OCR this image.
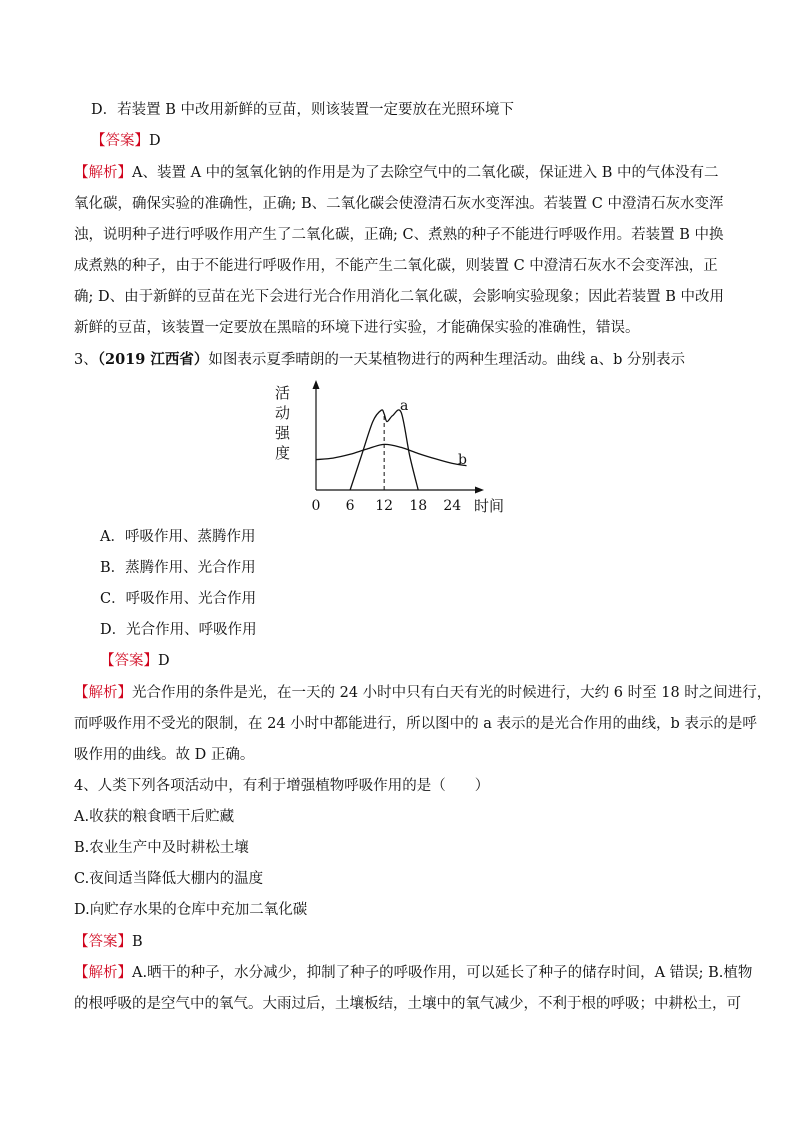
D．若装置 B 中改用新鲜的豆苗，则该装置一定要放在光照环境下
【答案】D
【解析】A、装置 A 中的氢氧化钠的作用是为了去除空气中的二氧化碳，保证进入 B 中的气体没有二
氧化碳，确保实验的准确性，正确; B、二氧化碳会使澄清石灰水变浑浊。若装置 C 中澄清石灰水变浑
浊，说明种子进行呼吸作用产生了二氧化碳，正确; C、煮熟的种子不能进行呼吸作用。若装置 B 中换
成煮熟的种子，由于不能进行呼吸作用，不能产生二氧化碳，则装置 C 中澄清石灰水不会变浑浊，正
确; D、由于新鲜的豆苗在光下会进行光合作用消化二氧化碳，会影响实验现象；因此若装置 B 中改用
新鲜的豆苗，该装置一定要放在黑暗的环境下进行实验，才能确保实验的准确性，错误。
3、（2019 江西省）如图表示夏季晴朗的一天某植物进行的两种生理活动。曲线 a、b 分别表示
活
动
强
度
a
b
0 6 12 18 24 时间
A．呼吸作用、蒸腾作用
B．蒸腾作用、光合作用
C．呼吸作用、光合作用
D．光合作用、呼吸作用
【答案】D
【解析】光合作用的条件是光，在一天的 24 小时中只有白天有光的时候进行，大约 6 时至 18 时之间进行，
而呼吸作用不受光的限制，在 24 小时中都能进行，所以图中的 a 表示的是光合作用的曲线，b 表示的是呼
吸作用的曲线。故 D 正确。
4、人类下列各项活动中，有利于增强植物呼吸作用的是（　　）
A.收获的粮食晒干后贮藏
B.农业生产中及时耕松土壤
C.夜间适当降低大棚内的温度
D.向贮存水果的仓库中充加二氧化碳
【答案】B
【解析】A.晒干的种子，水分减少，抑制了种子的呼吸作用，可以延长了种子的储存时间，A 错误; B.植物
的根呼吸的是空气中的氧气。大雨过后，土壤板结，土壤中的氧气减少，不利于根的呼吸；中耕松土，可
